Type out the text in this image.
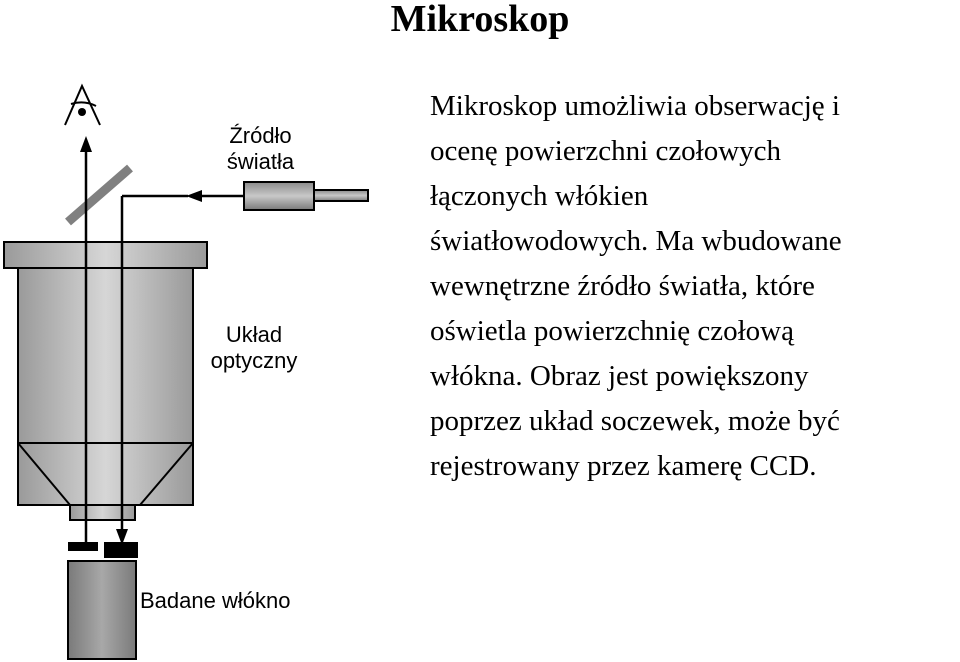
Mikroskop
Źródło
światła
Układ
optyczny
Badane włókno

Mikroskop umożliwia obserwację i

ocenę powierzchni czołowych

łączonych włókien

światłowodowych. Ma wbudowane

wewnętrzne źródło światła, które

oświetla powierzchnię czołową

włókna. Obraz jest powiększony

poprzez układ soczewek, może być

rejestrowany przez kamerę CCD.
